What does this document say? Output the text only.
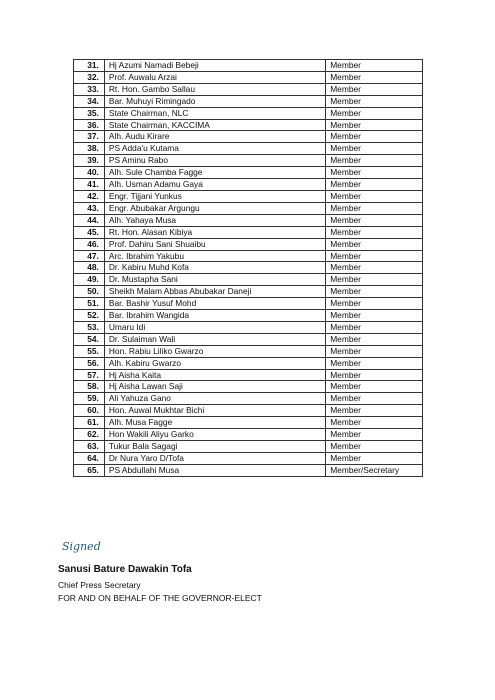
31.	Hj Azumi Namadi Bebeji	Member
32.	Prof. Auwalu Arzai	Member
33.	Rt. Hon. Gambo Sallau	Member
34.	Bar. Muhuyi Rimingado	Member
35.	State Chairman, NLC	Member
36.	State Chairman, KACCIMA	Member
37.	Alh. Audu Kirare	Member
38.	PS Adda'u Kutama	Member
39.	PS Aminu Rabo	Member
40.	Alh. Sule Chamba Fagge	Member
41.	Alh. Usman Adamu Gaya	Member
42.	Engr. Tijjani Yunkus	Member
43.	Engr. Abubakar Argungu	Member
44.	Alh. Yahaya Musa	Member
45.	Rt. Hon. Alasan Kibiya	Member
46.	Prof. Dahiru Sani Shuaibu	Member
47.	Arc. Ibrahim Yakubu	Member
48.	Dr. Kabiru Muhd Kofa	Member
49.	Dr. Mustapha Sani	Member
50.	Sheikh Malam Abbas Abubakar Daneji	Member
51.	Bar. Bashir Yusuf Mohd	Member
52.	Bar. Ibrahim Wangida	Member
53.	Umaru Idi	Member
54.	Dr. Sulaiman Wali	Member
55.	Hon. Rabiu Liliko Gwarzo	Member
56.	Alh. Kabiru Gwarzo	Member
57.	Hj Aisha Kaita	Member
58.	Hj Aisha Lawan Saji	Member
59.	Ali Yahuza Gano	Member
60.	Hon. Auwal Mukhtar Bichi	Member
61.	Alh. Musa Fagge	Member
62.	Hon Wakili Aliyu Garko	Member
63.	Tukur Bala Sagagi	Member
64.	Dr Nura Yaro D/Tofa	Member
65.	PS Abdullahi Musa	Member/Secretary
Signed
Sanusi Bature Dawakin Tofa
Chief Press Secretary
FOR AND ON BEHALF OF THE GOVERNOR-ELECT
